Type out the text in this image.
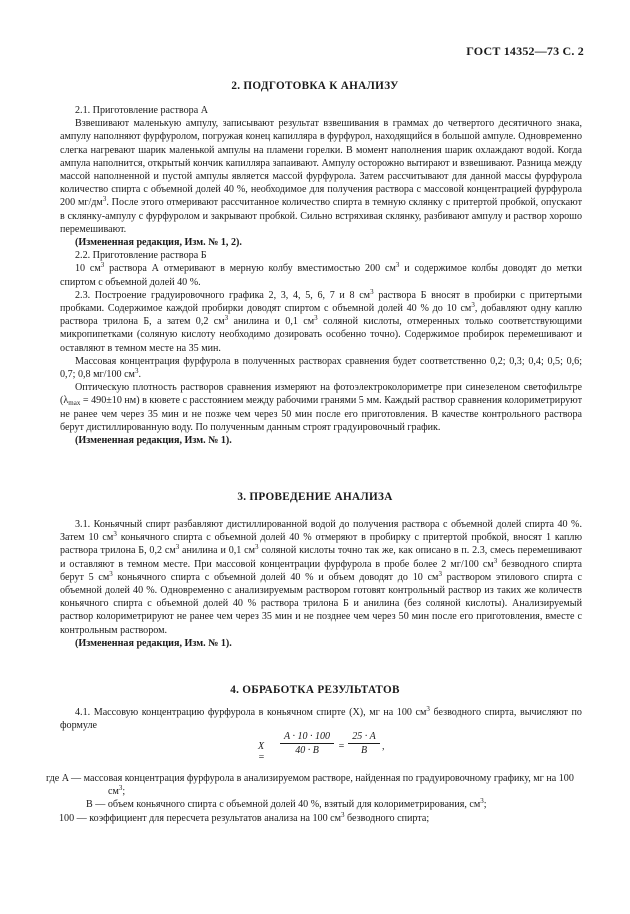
ГОСТ 14352—73 С. 2
2. ПОДГОТОВКА К АНАЛИЗУ

2.1. Приготовление раствора А

Взвешивают маленькую ампулу, записывают результат взвешивания в граммах до четвертого десятичного знака, ампулу наполняют фурфуролом, погружая конец капилляра в фурфурол, находящийся в большой ампуле. Одновременно слегка нагревают шарик маленькой ампулы на пламени горелки. В момент наполнения шарик охлаждают водой. Когда ампула наполнится, открытый кончик капилляра запаивают. Ампулу осторожно вытирают и взвешивают. Разница между массой наполненной и пустой ампулы является массой фурфурола. Затем рассчитывают для данной массы фурфурола количество спирта с объемной долей 40 %, необходимое для получения раствора с массовой концентрацией фурфурола 200 $мг/дм^3$. После этого отмеривают рассчитанное количество спирта в темную склянку с притертой пробкой, опускают в склянку-ампулу с фурфуролом и закрывают пробкой. Сильно встряхивая склянку, разбивают ампулу и раствор хорошо перемешивают.

(Измененная редакция, Изм. № 1, 2).

2.2. Приготовление раствора Б

10 $см^3$ раствора А отмеривают в мерную колбу вместимостью 200 $см^3$ и содержимое колбы доводят до метки спиртом с объемной долей 40 %.

2.3. Построение градуировочного графика 2, 3, 4, 5, 6, 7 и 8 $см^3$ раствора Б вносят в пробирки с притертыми пробками. Содержимое каждой пробирки доводят спиртом с объемной долей 40 % до 10 $см^3$, добавляют одну каплю раствора трилона Б, а затем 0,2 $см^3$ анилина и 0,1 $см^3$ соляной кислоты, отмеренных только соответствующими микропипетками (соляную кислоту необходимо дозировать особенно точно). Содержимое пробирок перемешивают и оставляют в темном месте на 35 мин.

Массовая концентрация фурфурола в полученных растворах сравнения будет соответственно 0,2; 0,3; 0,4; 0,5; 0,6; 0,7; 0,8 мг/100 $см^3$.

Оптическую плотность растворов сравнения измеряют на фотоэлектроколориметре при синезеленом светофильтре ($\lambda_{max} = 490\pm 10$ нм) в кювете с расстоянием между рабочими гранями 5 мм. Каждый раствор сравнения колориметрируют не ранее чем через 35 мин и не позже чем через 50 мин после его приготовления. В качестве контрольного раствора берут дистиллированную воду. По полученным данным строят градуировочный график.

(Измененная редакция, Изм. № 1).

3. ПРОВЕДЕНИЕ АНАЛИЗА

3.1. Коньячный спирт разбавляют дистиллированной водой до получения раствора с объемной долей спирта 40 %. Затем 10 $см^3$ коньячного спирта с объемной долей 40 % отмеряют в пробирку с притертой пробкой, вносят 1 каплю раствора трилона Б, 0,2 $см^3$ анилина и 0,1 $см^3$ соляной кислоты точно так же, как описано в п. 2.3, смесь перемешивают и оставляют в темном месте. При массовой концентрации фурфурола в пробе более 2 мг/100 $см^3$ безводного спирта берут 5 $см^3$ коньячного спирта с объемной долей 40 % и объем доводят до 10 $см^3$ раствором этилового спирта с объемной долей 40 %. Одновременно с анализируемым раствором готовят контрольный раствор из таких же количеств коньячного спирта с объемной долей 40 % раствора трилона Б и анилина (без соляной кислоты). Анализируемый раствор колориметрируют не ранее чем через 35 мин и не позднее чем через 50 мин после его приготовления, вместе с контрольным раствором.

(Измененная редакция, Изм. № 1).

4. ОБРАБОТКА РЕЗУЛЬТАТОВ

4.1. Массовую концентрацию фурфурола в коньячном спирте (X), мг на 100 $см^3$ безводного спирта, вычисляют по формуле

X =
$\frac{A \cdot 10 \cdot 100}{40 \cdot B} = \frac{25 \cdot A}{B}$ ,
где A — массовая концентрация фурфурола в анализируемом растворе, найденная по градуировочному графику, мг на 100 $см^3$;
B — объем коньячного спирта с объемной долей 40 %, взятый для колориметрирования, $см^3$;
100 — коэффициент для пересчета результатов анализа на 100 $см^3$ безводного спирта;
